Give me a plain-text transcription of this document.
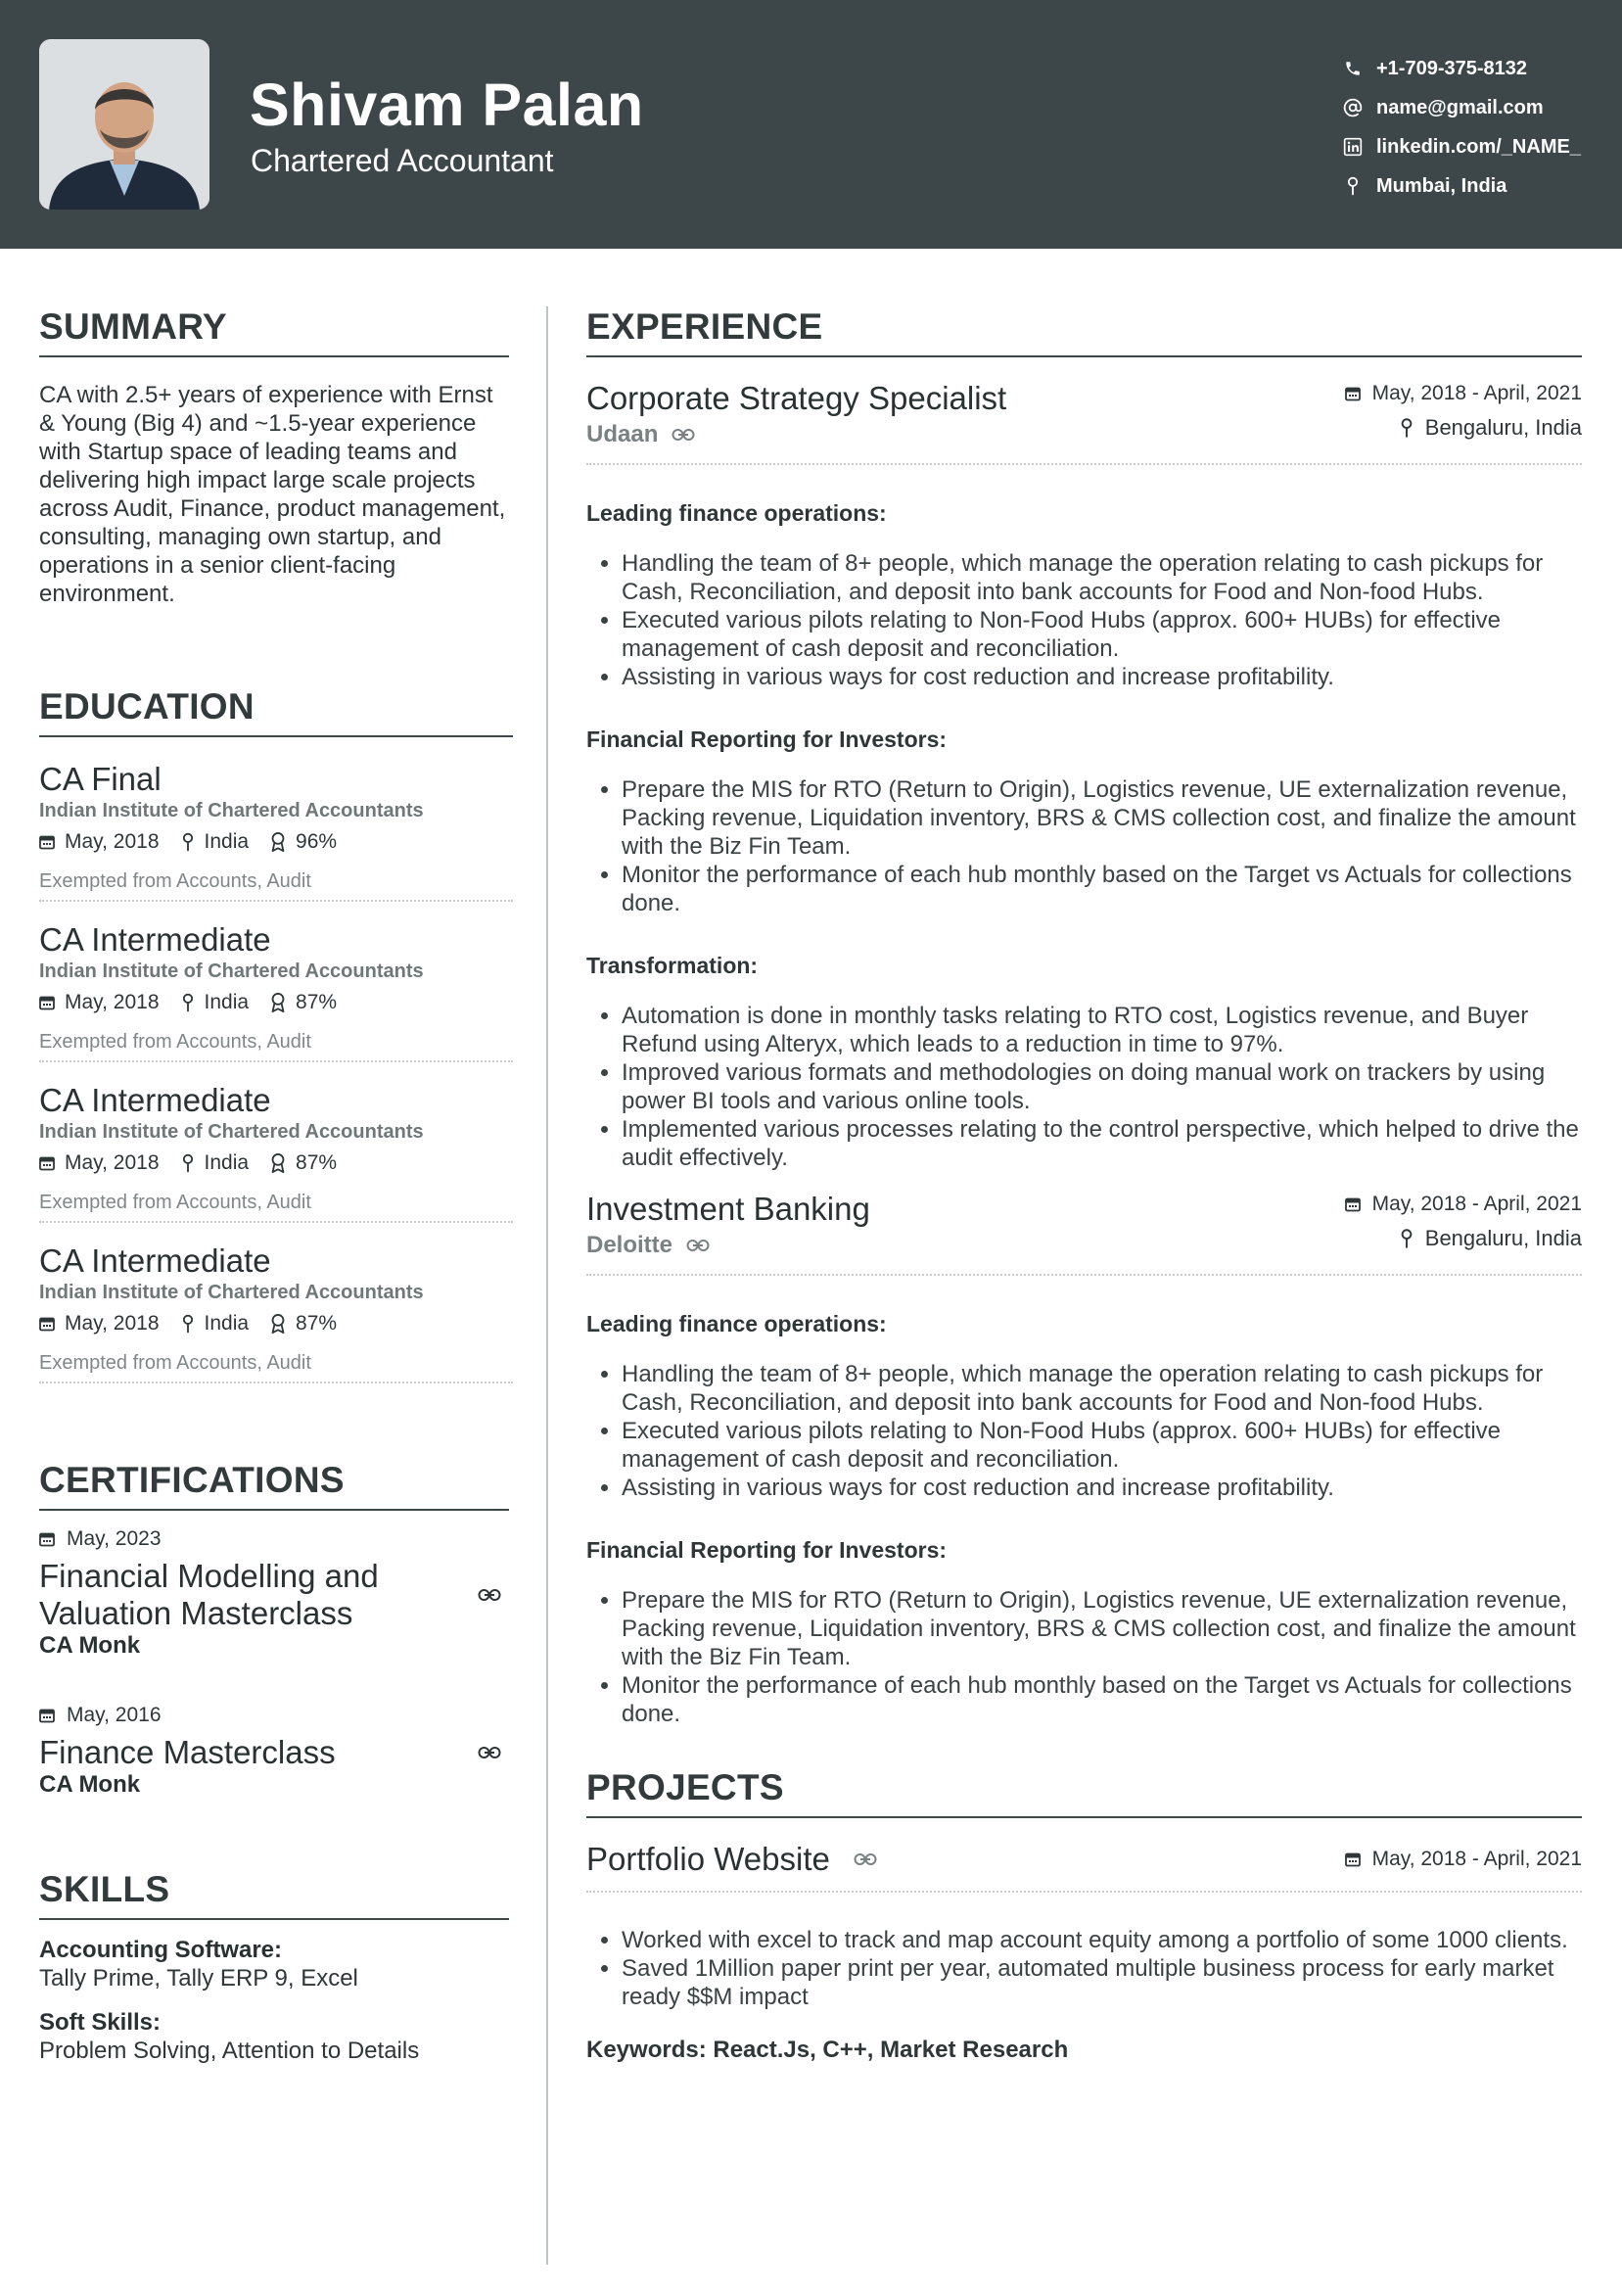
Shivam Palan
Chartered Accountant
+1-709-375-8132
name@gmail.com
linkedin.com/_NAME_
Mumbai, India
SUMMARY
CA with 2.5+ years of experience with Ernst & Young (Big 4) and ~1.5-year experience with Startup space of leading teams and delivering high impact large scale projects across Audit, Finance, product management, consulting, managing own startup, and operations in a senior client-facing environment.
EDUCATION
CA Final
Indian Institute of Chartered Accountants
May, 2018 India 96%
Exempted from Accounts, Audit
CA Intermediate
Indian Institute of Chartered Accountants
May, 2018 India 87%
Exempted from Accounts, Audit
CA Intermediate
Indian Institute of Chartered Accountants
May, 2018 India 87%
Exempted from Accounts, Audit
CA Intermediate
Indian Institute of Chartered Accountants
May, 2018 India 87%
Exempted from Accounts, Audit
CERTIFICATIONS
May, 2023
Financial Modelling and Valuation Masterclass
CA Monk
May, 2016
Finance Masterclass
CA Monk
SKILLS
Accounting Software:
Tally Prime, Tally ERP 9, Excel
Soft Skills:
Problem Solving, Attention to Details
EXPERIENCE
Corporate Strategy Specialist
Udaan
May, 2018 - April, 2021
Bengaluru, India
Leading finance operations:
• Handling the team of 8+ people, which manage the operation relating to cash pickups for Cash, Reconciliation, and deposit into bank accounts for Food and Non-food Hubs.
• Executed various pilots relating to Non-Food Hubs (approx. 600+ HUBs) for effective management of cash deposit and reconciliation.
• Assisting in various ways for cost reduction and increase profitability.
Financial Reporting for Investors:
• Prepare the MIS for RTO (Return to Origin), Logistics revenue, UE externalization revenue, Packing revenue, Liquidation inventory, BRS & CMS collection cost, and finalize the amount with the Biz Fin Team.
• Monitor the performance of each hub monthly based on the Target vs Actuals for collections done.
Transformation:
• Automation is done in monthly tasks relating to RTO cost, Logistics revenue, and Buyer Refund using Alteryx, which leads to a reduction in time to 97%.
• Improved various formats and methodologies on doing manual work on trackers by using power BI tools and various online tools.
• Implemented various processes relating to the control perspective, which helped to drive the audit effectively.
Investment Banking
Deloitte
May, 2018 - April, 2021
Bengaluru, India
Leading finance operations:
• Handling the team of 8+ people, which manage the operation relating to cash pickups for Cash, Reconciliation, and deposit into bank accounts for Food and Non-food Hubs.
• Executed various pilots relating to Non-Food Hubs (approx. 600+ HUBs) for effective management of cash deposit and reconciliation.
• Assisting in various ways for cost reduction and increase profitability.
Financial Reporting for Investors:
• Prepare the MIS for RTO (Return to Origin), Logistics revenue, UE externalization revenue, Packing revenue, Liquidation inventory, BRS & CMS collection cost, and finalize the amount with the Biz Fin Team.
• Monitor the performance of each hub monthly based on the Target vs Actuals for collections done.
PROJECTS
Portfolio Website	May, 2018 - April, 2021
• Worked with excel to track and map account equity among a portfolio of some 1000 clients.
• Saved 1Million paper print per year, automated multiple business process for early market ready $$M impact
Keywords: React.Js, C++, Market Research
